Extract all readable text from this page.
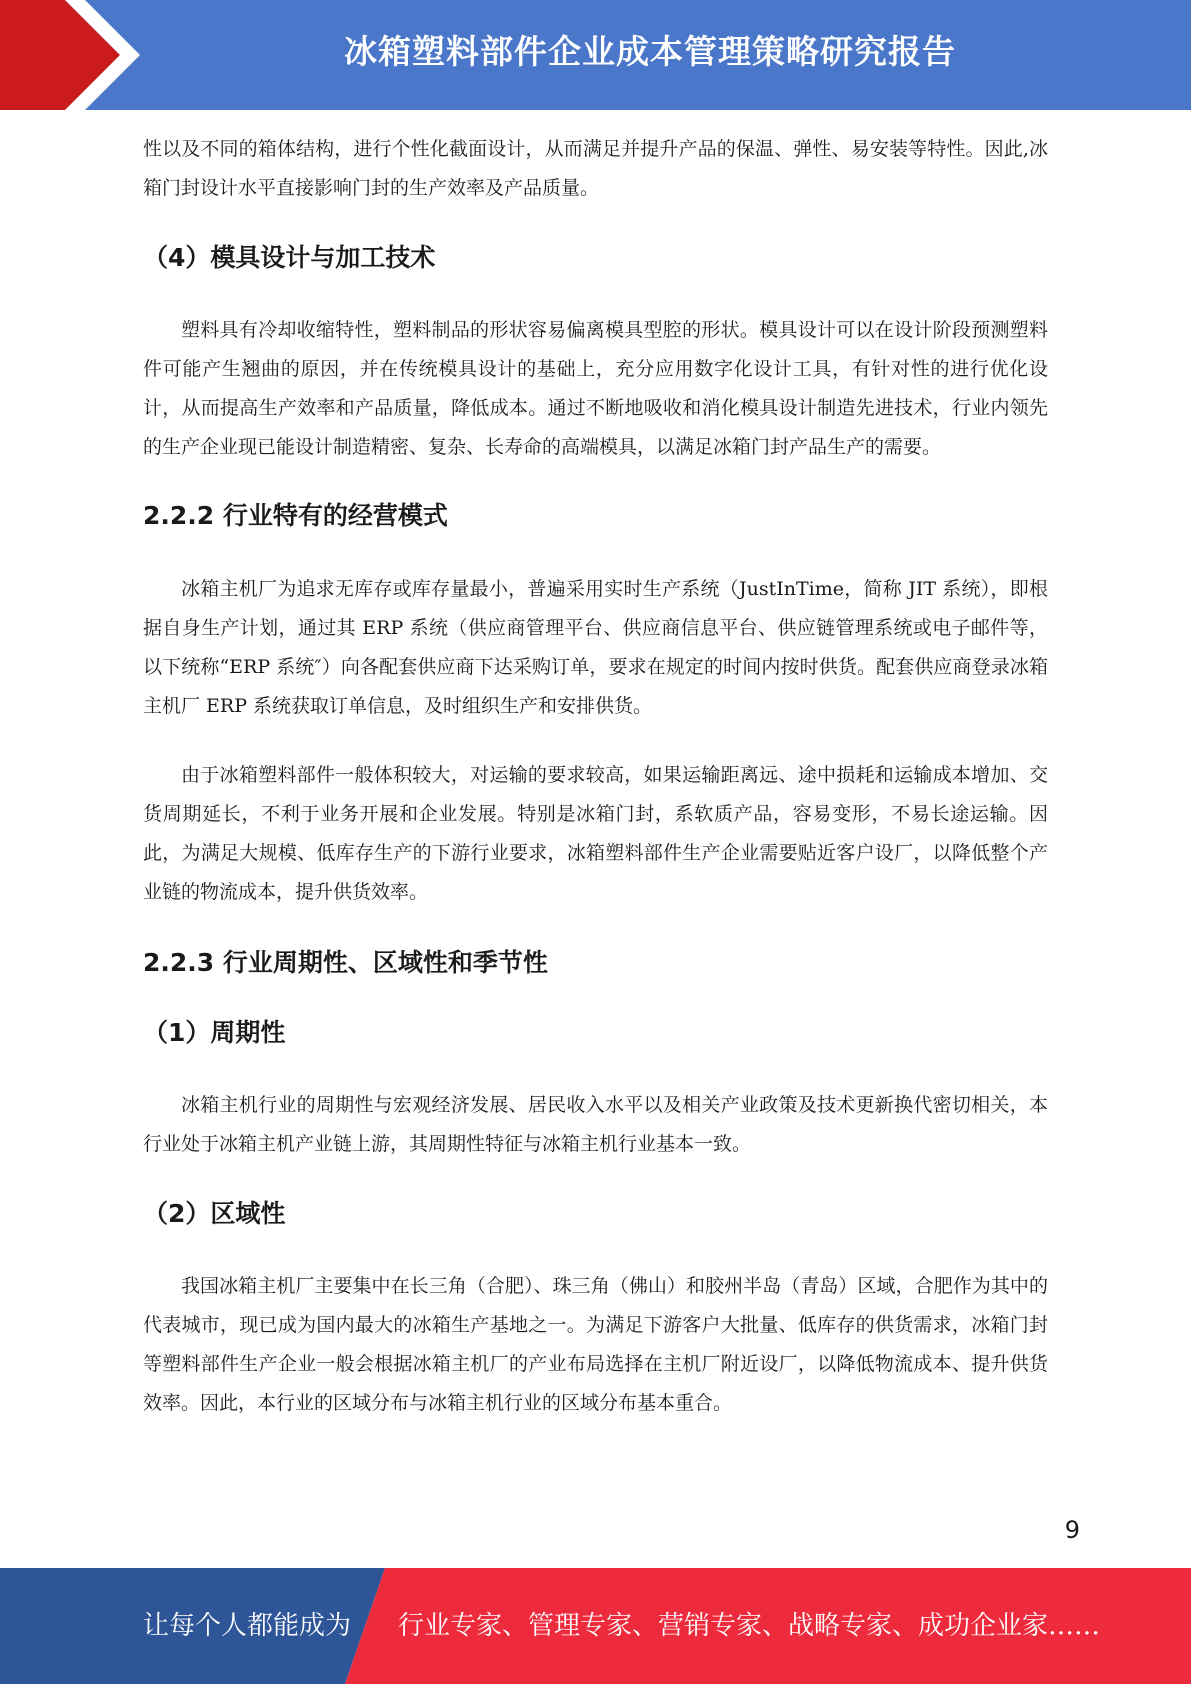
冰箱塑料部件企业成本管理策略研究报告

性以及不同的箱体结构，进行个性化截面设计，从而满足并提升产品的保温、弹性、易安装等特性。因此,冰箱门封设计水平直接影响门封的生产效率及产品质量。

（4）模具设计与加工技术

塑料具有冷却收缩特性，塑料制品的形状容易偏离模具型腔的形状。模具设计可以在设计阶段预测塑料件可能产生翘曲的原因，并在传统模具设计的基础上，充分应用数字化设计工具，有针对性的进行优化设计，从而提高生产效率和产品质量，降低成本。通过不断地吸收和消化模具设计制造先进技术，行业内领先的生产企业现已能设计制造精密、复杂、长寿命的高端模具，以满足冰箱门封产品生产的需要。

2.2.2 行业特有的经营模式

冰箱主机厂为追求无库存或库存量最小，普遍采用实时生产系统（JustInTime，简称 JIT 系统），即根据自身生产计划，通过其 ERP 系统（供应商管理平台、供应商信息平台、供应链管理系统或电子邮件等，以下统称“ERP 系统″）向各配套供应商下达采购订单，要求在规定的时间内按时供货。配套供应商登录冰箱主机厂 ERP 系统获取订单信息，及时组织生产和安排供货。

由于冰箱塑料部件一般体积较大，对运输的要求较高，如果运输距离远、途中损耗和运输成本增加、交货周期延长，不利于业务开展和企业发展。特别是冰箱门封，系软质产品，容易变形，不易长途运输。因此，为满足大规模、低库存生产的下游行业要求，冰箱塑料部件生产企业需要贴近客户设厂，以降低整个产业链的物流成本，提升供货效率。

2.2.3 行业周期性、区域性和季节性
（1）周期性

冰箱主机行业的周期性与宏观经济发展、居民收入水平以及相关产业政策及技术更新换代密切相关，本行业处于冰箱主机产业链上游，其周期性特征与冰箱主机行业基本一致。

（2）区域性

我国冰箱主机厂主要集中在长三角（合肥）、珠三角（佛山）和胶州半岛（青岛）区域，合肥作为其中的代表城市，现已成为国内最大的冰箱生产基地之一。为满足下游客户大批量、低库存的供货需求，冰箱门封等塑料部件生产企业一般会根据冰箱主机厂的产业布局选择在主机厂附近设厂，以降低物流成本、提升供货效率。因此，本行业的区域分布与冰箱主机行业的区域分布基本重合。

9
让每个人都能成为 行业专家、管理专家、营销专家、战略专家、成功企业家……
